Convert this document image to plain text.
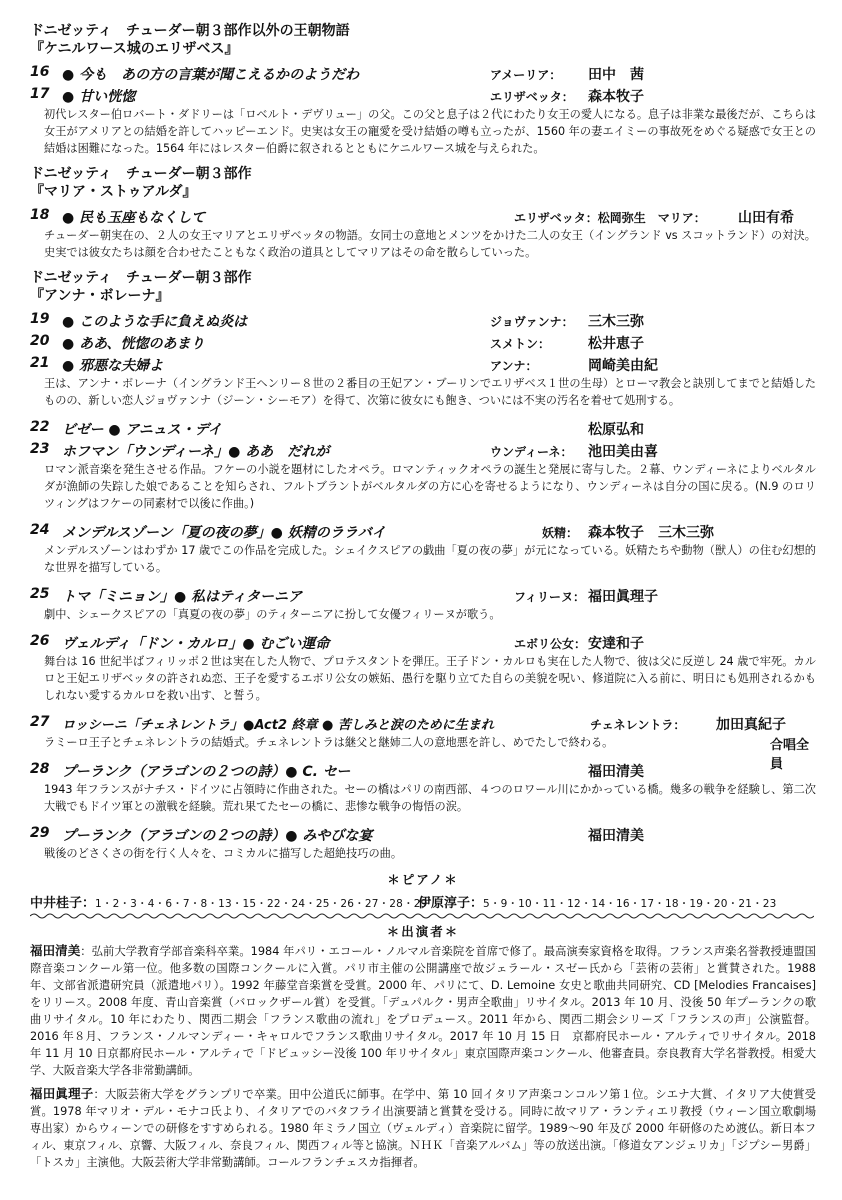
ドニゼッティ　チューダー朝３部作以外の王朝物語
『ケニルワース城のエリザベス』
16 ● 今も　あの方の言葉が聞こえるかのようだわ	アメーリア： 田中　茜
17 ● 甘い恍惚	エリザベッタ： 森本牧子
初代レスター伯ロバート・ダドリーは「ロベルト・デヴリュー」の父。この父と息子は２代にわたり女王の愛人になる。息子は非業な最後だが、こちらは女王がアメリアとの結婚を許してハッピーエンド。史実は女王の寵愛を受け結婚の噂も立ったが、1560 年の妻エイミーの事故死をめぐる疑惑で女王との結婚は困難になった。1564 年にはレスター伯爵に叙されるとともにケニルワース城を与えられた。
ドニゼッティ　チューダー朝３部作
『マリア・ストゥアルダ』
18 ● 民も玉座もなくして	エリザベッタ：松岡弥生　マリア： 山田有希
チューダー朝実在の、２人の女王マリアとエリザベッタの物語。女同士の意地とメンツをかけた二人の女王（イングランド vs スコットランド）の対決。史実では彼女たちは顔を合わせたこともなく政治の道具としてマリアはその命を散らしていった。
ドニゼッティ　チューダー朝３部作
『アンナ・ボレーナ』
19 ● このような手に負えぬ炎は	ジョヴァンナ： 三木三弥
20 ● ああ、恍惚のあまり	スメトン：	松井恵子
21 ● 邪悪な夫婦よ	アンナ：	岡崎美由紀
王は、アンナ・ボレーナ（イングランド王ヘンリー８世の２番目の王妃アン・ブーリンでエリザベス１世の生母）とローマ教会と訣別してまでと結婚したものの、新しい恋人ジョヴァンナ（ジーン・シーモア）を得て、次第に彼女にも飽き、ついには不実の汚名を着せて処刑する。
22 ビゼー ● アニュス・デイ	松原弘和
23 ホフマン「ウンディーネ」● ああ　だれが	ウンディーネ： 池田美由喜
ロマン派音楽を発生させる作品。フケーの小説を題材にしたオペラ。ロマンティックオペラの誕生と発展に寄与した。２幕、ウンディーネによりベルタルダが漁師の失踪した娘であることを知らされ、フルトブラントがベルタルダの方に心を寄せるようになり、ウンディーネは自分の国に戻る。(N.9 のロリツィングはフケーの同素材で以後に作曲。)
24 メンデルスゾーン「夏の夜の夢」● 妖精のララバイ	妖精： 森本牧子　三木三弥
メンデルスゾーンはわずか 17 歳でこの作品を完成した。シェイクスピアの戯曲「夏の夜の夢」が元になっている。妖精たちや動物（獣人）の住む幻想的な世界を描写している。
25 トマ「ミニョン」● 私はティターニア	フィリーヌ： 福田眞理子
劇中、シェークスピアの「真夏の夜の夢」のティターニアに扮して女優フィリーヌが歌う。
26 ヴェルディ「ドン・カルロ」● むごい運命	エボリ公女： 安達和子
舞台は 16 世紀半ばフィリッポ２世は実在した人物で、プロテスタントを弾圧。王子ドン・カルロも実在した人物で、彼は父に反逆し 24 歳で牢死。カルロと王妃エリザベッタの許されぬ恋、王子を愛するエボリ公女の嫉妬、愚行を駆り立てた自らの美貌を呪い、修道院に入る前に、明日にも処刑されるかもしれない愛するカルロを救い出す、と誓う。
27 ロッシーニ「チェネレントラ」●Act2 終章 ● 苦しみと涙のために生まれ	チェネレントラ： 加田真紀子
ラミーロ王子とチェネレントラの結婚式。チェネレントラは継父と継姉二人の意地悪を許し、めでたしで終わる。	合唱全員
28 プーランク（アラゴンの２つの詩）● C. セー	福田清美
1943 年フランスがナチス・ドイツに占領時に作曲された。セーの橋はパリの南西部、４つのロワール川にかかっている橋。幾多の戦争を経験し、第二次大戦でもドイツ軍との激戦を経験。荒れ果てたセーの橋に、悲惨な戦争の悔悟の涙。
29 プーランク（アラゴンの２つの詩）● みやびな宴	福田清美
戦後のどさくさの街を行く人々を、コミカルに描写した超絶技巧の曲。
＊ピアノ＊
中井桂子：1・2・3・4・6・7・8・13・15・22・24・25・26・27・28・29
伊原淳子：5・9・10・11・12・14・16・17・18・19・20・21・23
＊出演者＊

福田清美：弘前大学教育学部音楽科卒業。1984 年パリ・エコール・ノルマル音楽院を首席で修了。最高演奏家資格を取得。フランス声楽名誉教授連盟国際音楽コンクール第一位。他多数の国際コンクールに入賞。パリ市主催の公開講座で故ジェラール・スゼー氏から「芸術の芸術」と賞賛された。1988 年、文部省派遣研究員（派遣地パリ）。1992 年藤堂音楽賞を受賞。2000 年、パリにて、D. Lemoine 女史と歌曲共同研究、CD [Melodies Francaises] をリリース。2008 年度、青山音楽賞（バロックザール賞）を受賞。「デュパルク・男声全歌曲」リサイタル。2013 年 10 月、没後 50 年プーランクの歌曲リサイタル。10 年にわたり、関西二期会「フランス歌曲の流れ」をプロデュース。2011 年から、関西二期会シリーズ「フランスの声」公演監督。2016 年８月、フランス・ノルマンディー・キャロルでフランス歌曲リサイタル。2017 年 10 月 15 日　京都府民ホール・アルティでリサイタル。2018 年 11 月 10 日京都府民ホール・アルティで「ドビュッシー没後 100 年リサイタル」東京国際声楽コンクール、他審査員。奈良教育大学名誉教授。相愛大学、大阪音楽大学各非常勤講師。

福田眞理子：大阪芸術大学をグランプリで卒業。田中公道氏に師事。在学中、第 10 回イタリア声楽コンコルソ第１位。シエナ大賞、イタリア大使賞受賞。1978 年マリオ・デル・モナコ氏より、イタリアでのバタフライ出演要請と賞賛を受ける。同時に故マリア・ランティエリ教授（ウィーン国立歌劇場専出家）からウィーンでの研修をすすめられる。1980 年ミラノ国立（ヴェルディ）音楽院に留学。1989～90 年及び 2000 年研修のため渡仏。新日本フィル、東京フィル、京響、大阪フィル、奈良フィル、関西フィル等と協演。ＮＨＫ「音楽アルバム」等の放送出演。「修道女アンジェリカ」「ジプシー男爵」「トスカ」主演他。大阪芸術大学非常勤講師。コールフランチェスカ指揮者。
